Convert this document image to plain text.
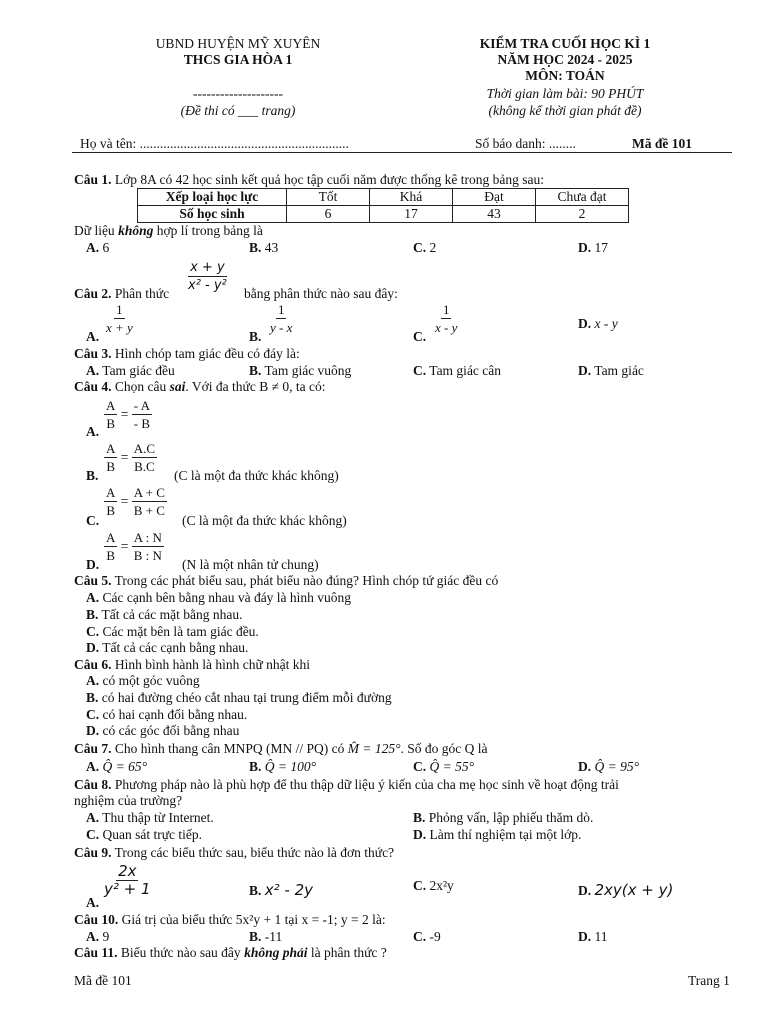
UBND HUYỆN MỸ XUYÊN
THCS GIA HÒA 1
--------------------
(Đề thi có ___ trang)
KIỂM TRA CUỐI HỌC KÌ 1
NĂM HỌC 2024 - 2025
MÔN: TOÁN
Thời gian làm bài: 90 PHÚT
(không kể thời gian phát đề)
Họ và tên: ..............................................................	Số báo danh: ........	Mã đề 101
Câu 1. Lớp 8A có 42 học sinh kết quả học tập cuối năm được thống kê trong bảng sau:
Xếp loại học lực	Tốt	Khá	Đạt	Chưa đạt
Số học sinh	6	17	43	2
Dữ liệu không hợp lí trong bảng là
A. 6	B. 43	C. 2	D. 17
Câu 2. Phân thức
$\frac{x + y}{\text{x² - y²}}$
bằng phân thức nào sau đây:
A.
$\frac{1}{x + y}$
B.
$\frac{1}{y - x}$
C.
$\frac{1}{x - y}$	D. x - y
Câu 3. Hình chóp tam giác đều có đáy là:
A. Tam giác đều	B. Tam giác vuông	C. Tam giác cân	D. Tam giác
Câu 4. Chọn câu sai. Với đa thức B ≠ 0, ta có:
A.
$\frac{A}{B} = \frac{- A}{- B}$
B.
$\frac{A}{B} = \frac{A.C}{B.C}$
(C là một đa thức khác không)
C.
$\frac{A}{B} = \frac{A + C}{B + C}$
(C là một đa thức khác không)
D.
$\frac{A}{B} = \frac{A : N}{B : N}$
(N là một nhân tử chung)
Câu 5. Trong các phát biểu sau, phát biểu nào đúng? Hình chóp tứ giác đều có
A. Các cạnh bên bằng nhau và đáy là hình vuông
B. Tất cả các mặt bằng nhau.
C. Các mặt bên là tam giác đều.
D. Tất cả các cạnh bằng nhau.
Câu 6. Hình bình hành là hình chữ nhật khi
A. có một góc vuông
B. có hai đường chéo cắt nhau tại trung điểm mỗi đường
C. có hai cạnh đối bằng nhau.
D. có các góc đối bằng nhau
Câu 7. Cho hình thang cân MNPQ (MN // PQ) có M̂ = 125°. Số đo góc Q là
A. Q̂ = 65°	B. Q̂ = 100°	C. Q̂ = 55°	D. Q̂ = 95°
Câu 8. Phương pháp nào là phù hợp để thu thập dữ liệu ý kiến của cha mẹ học sinh về hoạt động trải
nghiệm của trường?
A. Thu thập từ Internet.	B. Phỏng vấn, lập phiếu thăm dò.
C. Quan sát trực tiếp.	D. Làm thí nghiệm tại một lớp.
Câu 9. Trong các biểu thức sau, biểu thức nào là đơn thức?
A.
$\frac{2x}{\text{y² + 1}}$	B. x² - 2y	C. 2x²y	D. 2xy(x + y)
Câu 10. Giá trị của biểu thức 5x²y + 1 tại x = -1; y = 2 là:
A. 9	B. -11	C. -9	D. 11
Câu 11. Biểu thức nào sau đây không phải là phân thức ?
Mã đề 101	Trang 1
